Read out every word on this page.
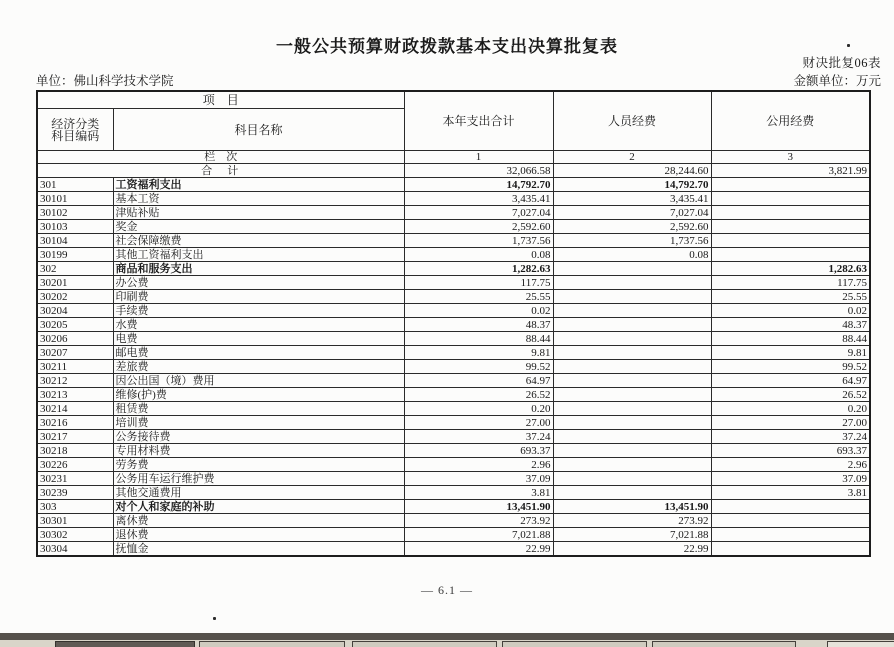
一般公共预算财政拨款基本支出决算批复表
财决批复06表
单位：佛山科学技术学院	金额单位：万元
项　目		本年支出合计	人员经费	公用经费
经济分类
科目编码	科目名称			
栏　次		1	2	3
合　计		32,066.58	28,244.60	3,821.99
301	工资福利支出	14,792.70	14,792.70	
30101	基本工资	3,435.41	3,435.41	
30102	津贴补贴	7,027.04	7,027.04	
30103	奖金	2,592.60	2,592.60	
30104	社会保障缴费	1,737.56	1,737.56	
30199	其他工资福利支出	0.08	0.08	
302	商品和服务支出	1,282.63		1,282.63
30201	办公费	117.75		117.75
30202	印刷费	25.55		25.55
30204	手续费	0.02		0.02
30205	水费	48.37		48.37
30206	电费	88.44		88.44
30207	邮电费	9.81		9.81
30211	差旅费	99.52		99.52
30212	因公出国（境）费用	64.97		64.97
30213	维修(护)费	26.52		26.52
30214	租赁费	0.20		0.20
30216	培训费	27.00		27.00
30217	公务接待费	37.24		37.24
30218	专用材料费	693.37		693.37
30226	劳务费	2.96		2.96
30231	公务用车运行维护费	37.09		37.09
30239	其他交通费用	3.81		3.81
303	对个人和家庭的补助	13,451.90	13,451.90	
30301	离休费	273.92	273.92	
30302	退休费	7,021.88	7,021.88	
30304	抚恤金	22.99	22.99	
— 6.1 —
